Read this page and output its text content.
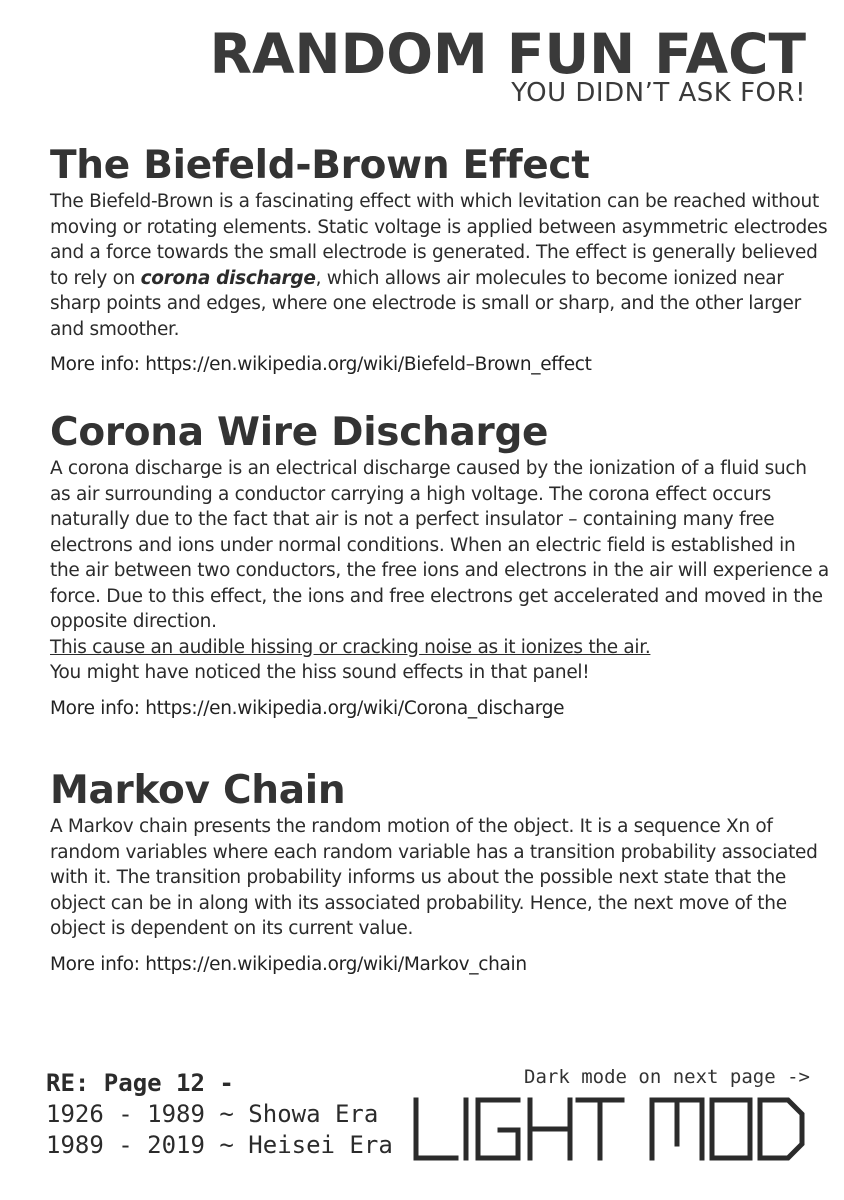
RANDOM FUN FACT
YOU DIDN’T ASK FOR!
The Biefeld-Brown Effect

The Biefeld-Brown is a fascinating effect with which levitation can be reached without moving or rotating elements. Static voltage is applied between asymmetric electrodes and a force towards the small electrode is generated. The effect is generally believed to rely on corona discharge, which allows air molecules to become ionized near sharp points and edges, where one electrode is small or sharp, and the other larger and smoother.

More info: https://en.wikipedia.org/wiki/Biefeld–Brown_effect
Corona Wire Discharge

A corona discharge is an electrical discharge caused by the ionization of a fluid such as air surrounding a conductor carrying a high voltage. The corona effect occurs naturally due to the fact that air is not a perfect insulator – containing many free electrons and ions under normal conditions. When an electric field is established in the air between two conductors, the free ions and electrons in the air will experience a force. Due to this effect, the ions and free electrons get accelerated and moved in the opposite direction.

This cause an audible hissing or cracking noise as it ionizes the air.

You might have noticed the hiss sound effects in that panel!

More info: https://en.wikipedia.org/wiki/Corona_discharge
Markov Chain

A Markov chain presents the random motion of the object. It is a sequence Xn of random variables where each random variable has a transition probability associated with it. The transition probability informs us about the possible next state that the object can be in along with its associated probability. Hence, the next move of the object is dependent on its current value.

More info: https://en.wikipedia.org/wiki/Markov_chain
RE: Page 12 -
1926 - 1989 ~ Showa Era
1989 - 2019 ~ Heisei Era
Dark mode on next page ->
